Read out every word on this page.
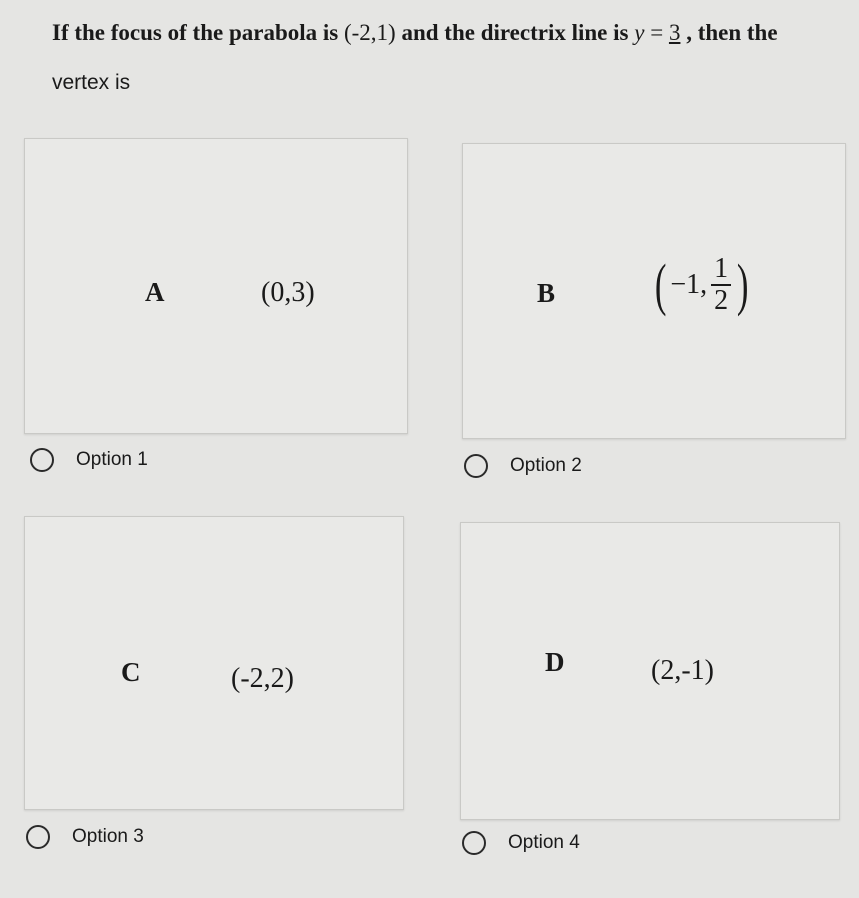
If the focus of the parabola is (-2,1) and the directrix line is y = 3 , then the
vertex is
A	(0,3)	B ( −1, $\frac{1}{2}$ )
C	(-2,2)
D	(2,-1)
Option 1	Option 2
Option 3	Option 4
